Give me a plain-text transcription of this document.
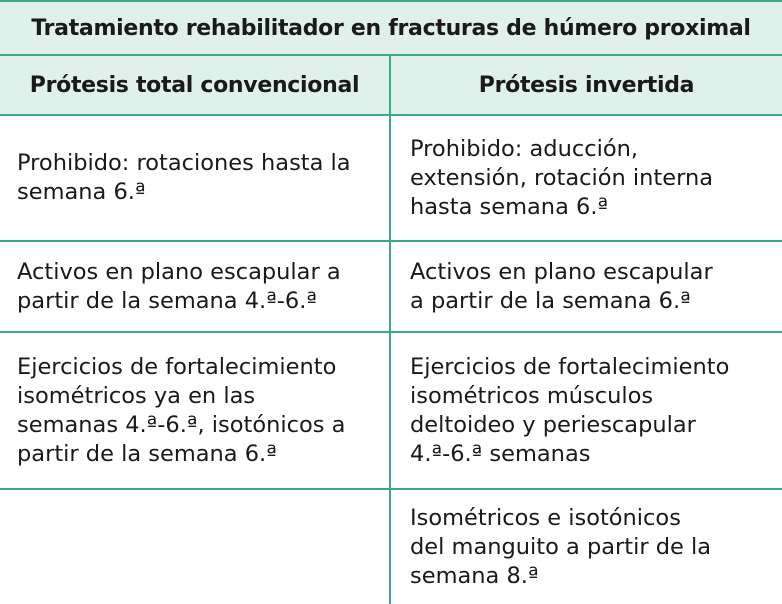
Tratamiento rehabilitador en fracturas de húmero proximal
Prótesis total convencional	Prótesis invertida
Prohibido: rotaciones hasta la
semana 6.ª
Prohibido: aducción,
extensión, rotación interna
hasta semana 6.ª
Activos en plano escapular a
partir de la semana 4.ª-6.ª
Activos en plano escapular
a partir de la semana 6.ª
Ejercicios de fortalecimiento
isométricos ya en las
semanas 4.ª-6.ª, isotónicos a
partir de la semana 6.ª
Ejercicios de fortalecimiento
isométricos músculos
deltoideo y periescapular
4.ª-6.ª semanas
Isométricos e isotónicos
del manguito a partir de la
semana 8.ª
